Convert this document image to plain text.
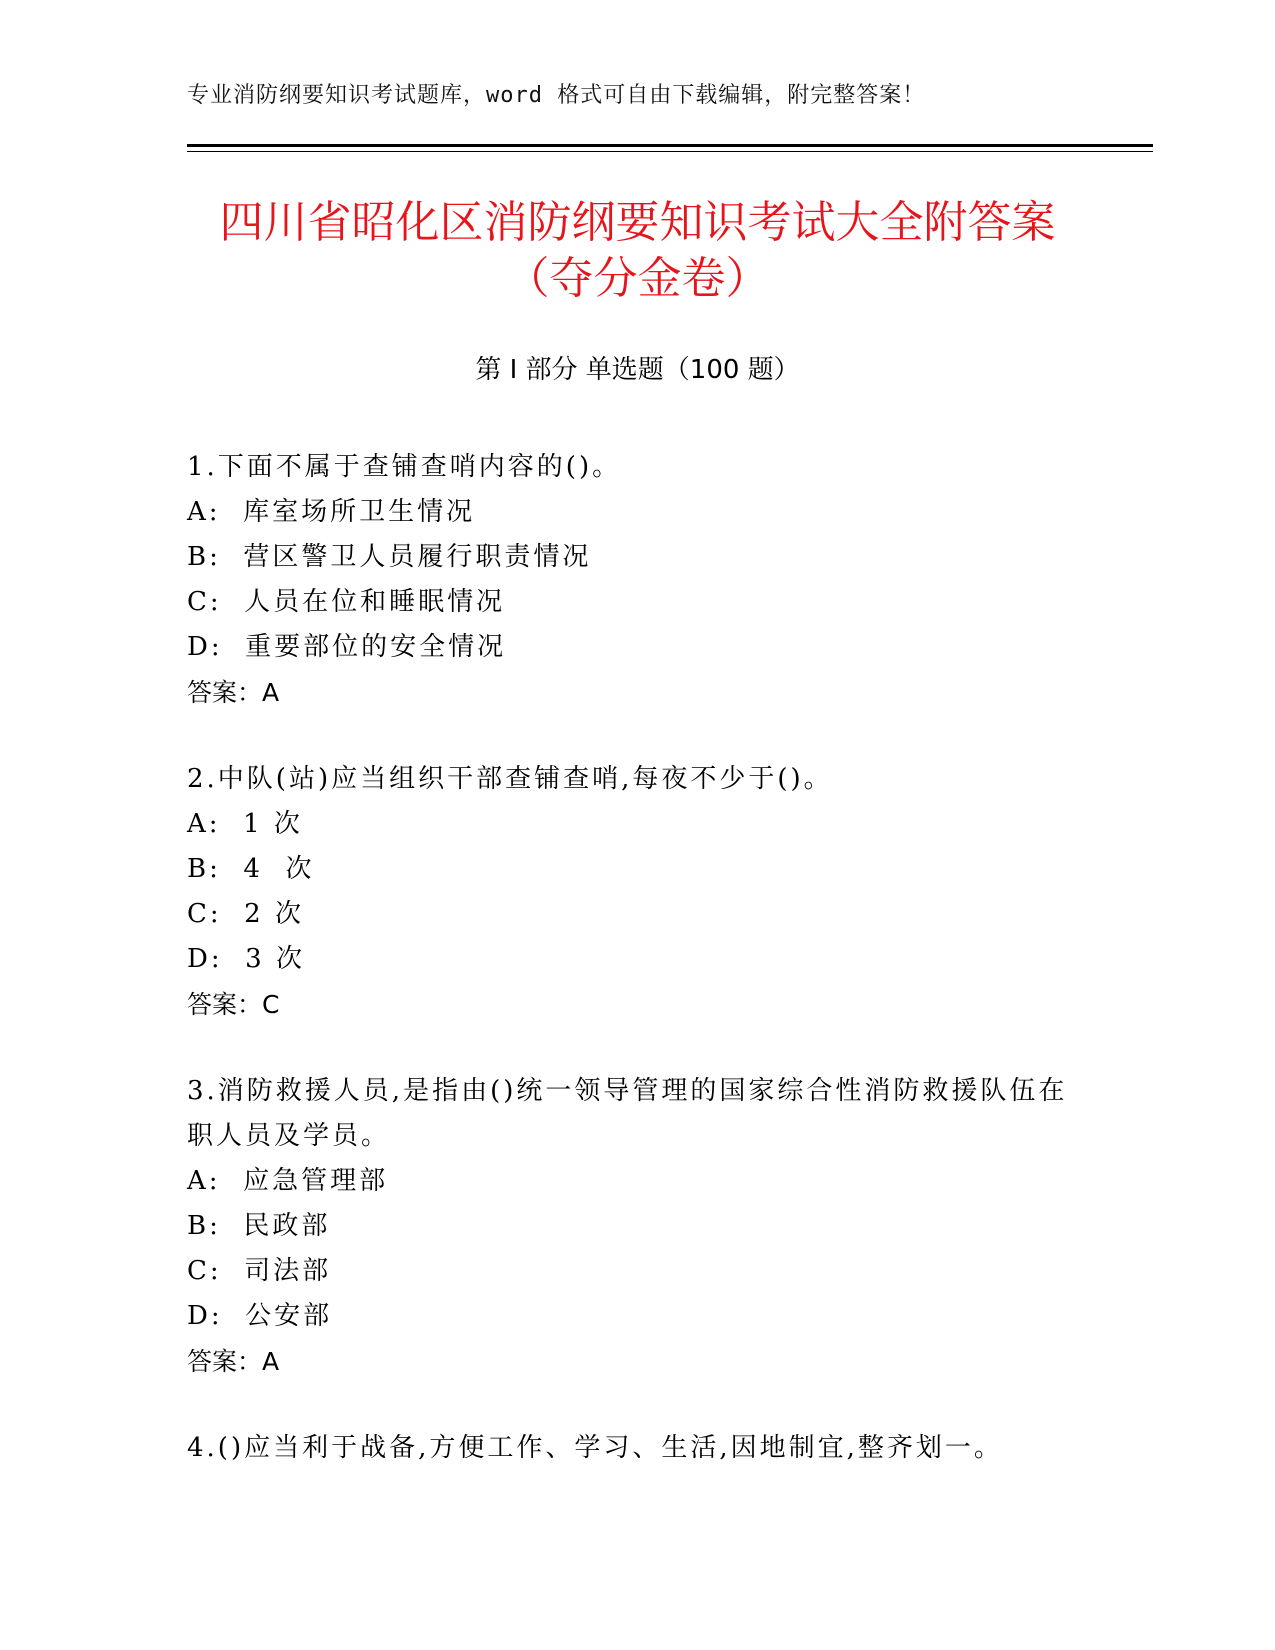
专业消防纲要知识考试题库，word 格式可自由下载编辑，附完整答案！
四川省昭化区消防纲要知识考试大全附答案
（夺分金卷）
第 I 部分 单选题（100 题）
1.下面不属于查铺查哨内容的()。
A:  库室场所卫生情况
B:  营区警卫人员履行职责情况
C:  人员在位和睡眠情况
D:  重要部位的安全情况
答案：A
2.中队(站)应当组织干部查铺查哨,每夜不少于()。
A:  1 次
B:  4  次
C:  2 次
D:  3 次
答案：C
3.消防救援人员,是指由()统一领导管理的国家综合性消防救援队伍在职人员及学员。
A:  应急管理部
B:  民政部
C:  司法部
D:  公安部
答案：A
4.()应当利于战备,方便工作、学习、生活,因地制宜,整齐划一。
